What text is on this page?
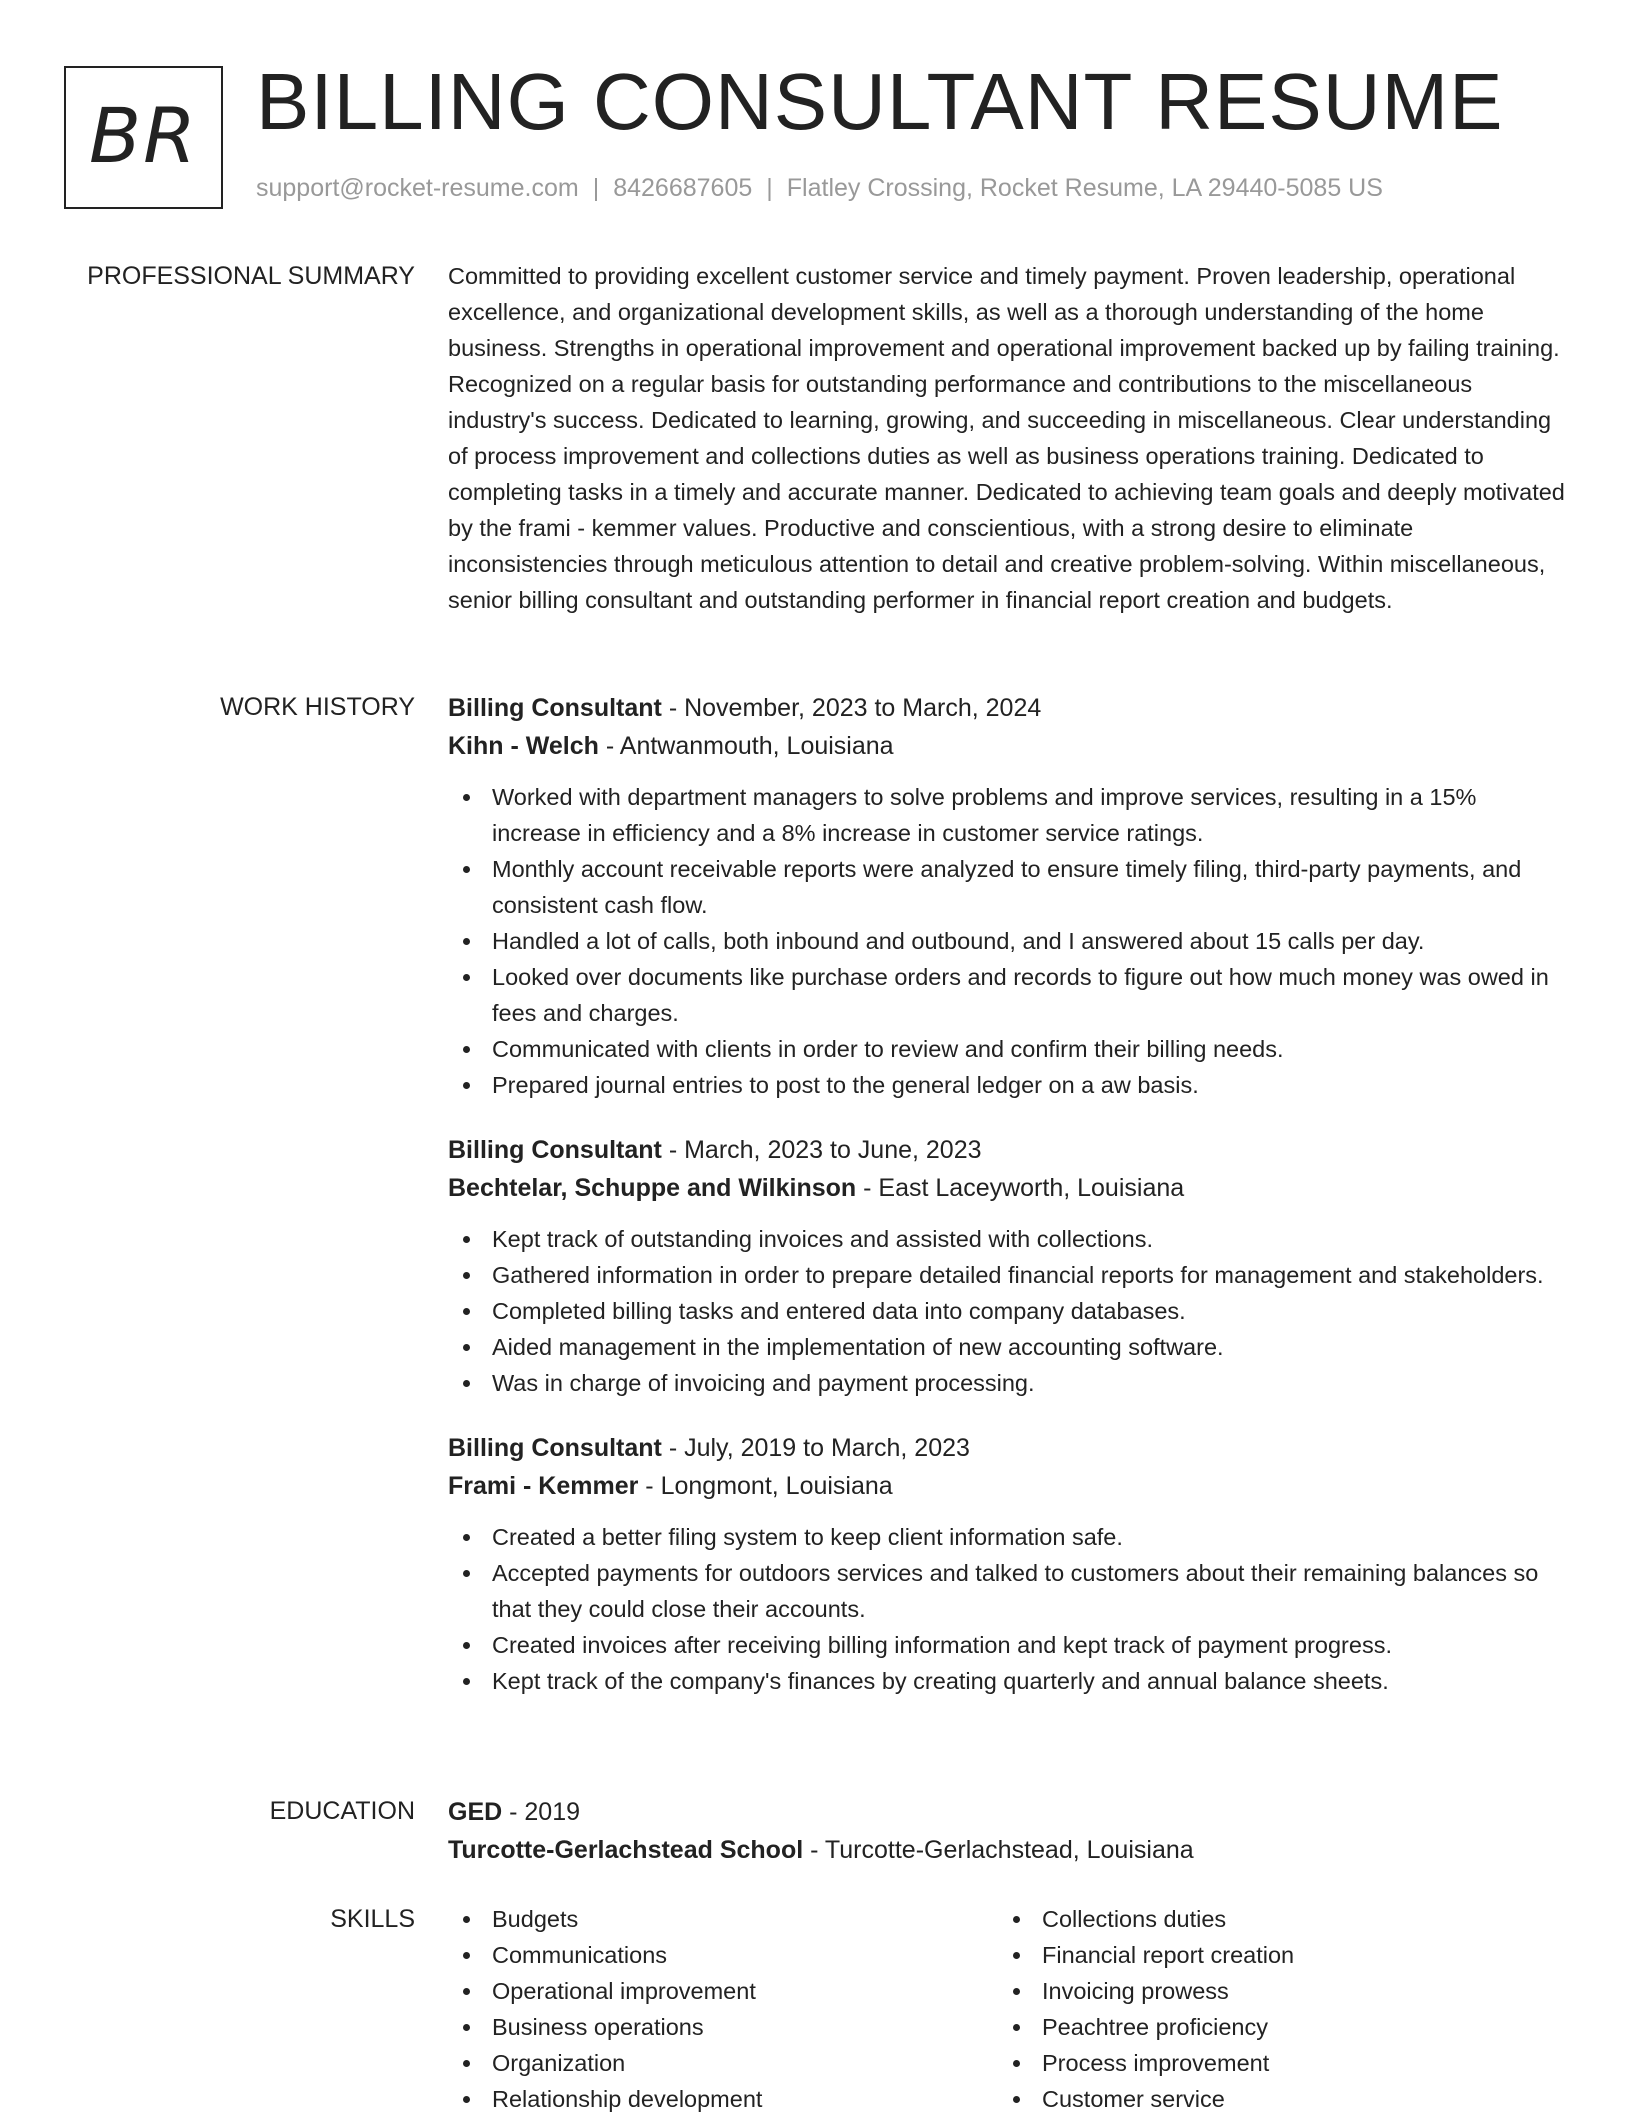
BR BILLING CONSULTANT RESUME
support@rocket-resume.com | 8426687605 | Flatley Crossing, Rocket Resume, LA 29440-5085 US
PROFESSIONAL SUMMARY Committed to providing excellent customer service and timely payment. Proven leadership, operational excellence, and organizational development skills, as well as a thorough understanding of the home business. Strengths in operational improvement and operational improvement backed up by failing training. Recognized on a regular basis for outstanding performance and contributions to the miscellaneous industry's success. Dedicated to learning, growing, and succeeding in miscellaneous. Clear understanding of process improvement and collections duties as well as business operations training. Dedicated to completing tasks in a timely and accurate manner. Dedicated to achieving team goals and deeply motivated by the frami - kemmer values. Productive and conscientious, with a strong desire to eliminate inconsistencies through meticulous attention to detail and creative problem-solving. Within miscellaneous, senior billing consultant and outstanding performer in financial report creation and budgets.

WORK HISTORY Billing Consultant - November, 2023 to March, 2024
Kihn - Welch - Antwanmouth, Louisiana
Worked with department managers to solve problems and improve services, resulting in a 15% increase in efficiency and a 8% increase in customer service ratings.
Monthly account receivable reports were analyzed to ensure timely filing, third-party payments, and consistent cash flow.
Handled a lot of calls, both inbound and outbound, and I answered about 15 calls per day.
Looked over documents like purchase orders and records to figure out how much money was owed in fees and charges.
Communicated with clients in order to review and confirm their billing needs.
Prepared journal entries to post to the general ledger on a aw basis.
Billing Consultant - March, 2023 to June, 2023
Bechtelar, Schuppe and Wilkinson - East Laceyworth, Louisiana
Kept track of outstanding invoices and assisted with collections.
Gathered information in order to prepare detailed financial reports for management and stakeholders.
Completed billing tasks and entered data into company databases.
Aided management in the implementation of new accounting software.
Was in charge of invoicing and payment processing.
Billing Consultant - July, 2019 to March, 2023
Frami - Kemmer - Longmont, Louisiana
Created a better filing system to keep client information safe.
Accepted payments for outdoors services and talked to customers about their remaining balances so that they could close their accounts.
Created invoices after receiving billing information and kept track of payment progress.
Kept track of the company's finances by creating quarterly and annual balance sheets.
EDUCATION GED - 2019
Turcotte-Gerlachstead School - Turcotte-Gerlachstead, Louisiana
SKILLS	Budgets
Communications
Operational improvement
Business operations
Organization
Relationship development
Collections duties
Financial report creation
Invoicing prowess
Peachtree proficiency
Process improvement
Customer service
